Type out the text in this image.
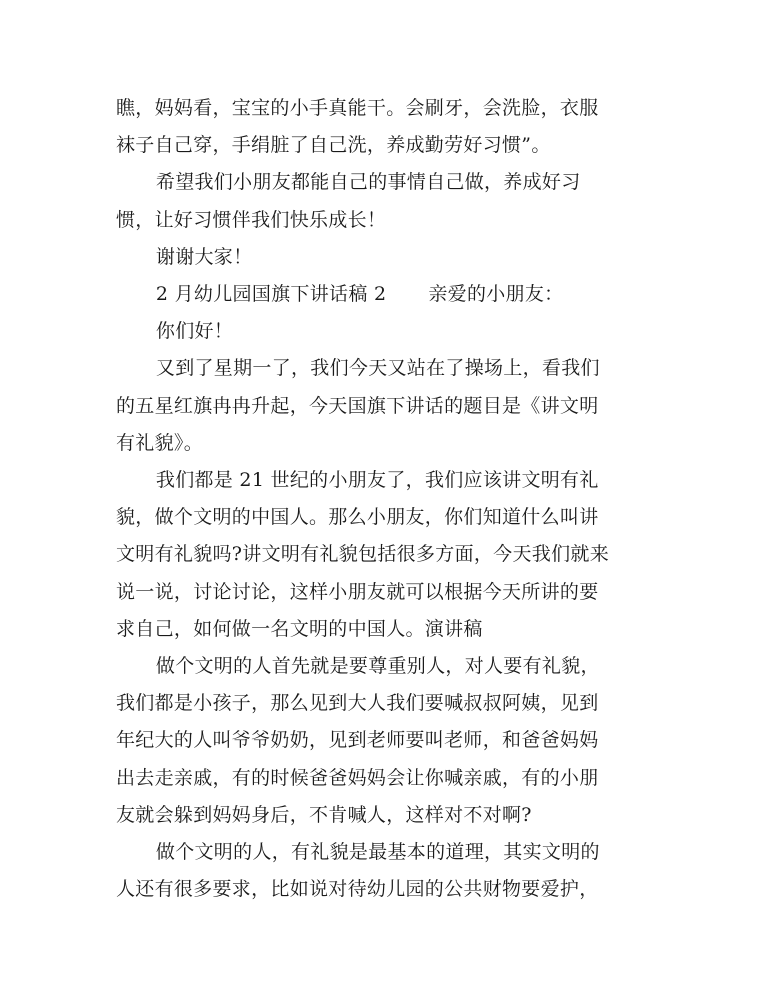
瞧，妈妈看，宝宝的小手真能干。会刷牙，会洗脸，衣服
袜子自己穿，手绢脏了自己洗，养成勤劳好习惯”。

希望我们小朋友都能自己的事情自己做，养成好习
惯，让好习惯伴我们快乐成长！

谢谢大家！

2 月幼儿园国旗下讲话稿 2 亲爱的小朋友：

你们好！

又到了星期一了，我们今天又站在了操场上，看我们
的五星红旗冉冉升起，今天国旗下讲话的题目是《讲文明
有礼貌》。

我们都是 21 世纪的小朋友了，我们应该讲文明有礼
貌，做个文明的中国人。那么小朋友，你们知道什么叫讲
文明有礼貌吗?讲文明有礼貌包括很多方面，今天我们就来
说一说，讨论讨论，这样小朋友就可以根据今天所讲的要
求自己，如何做一名文明的中国人。演讲稿

做个文明的人首先就是要尊重别人，对人要有礼貌，
我们都是小孩子，那么见到大人我们要喊叔叔阿姨，见到
年纪大的人叫爷爷奶奶，见到老师要叫老师，和爸爸妈妈
出去走亲戚，有的时候爸爸妈妈会让你喊亲戚，有的小朋
友就会躲到妈妈身后，不肯喊人，这样对不对啊?

做个文明的人，有礼貌是最基本的道理，其实文明的
人还有很多要求，比如说对待幼儿园的公共财物要爱护，
